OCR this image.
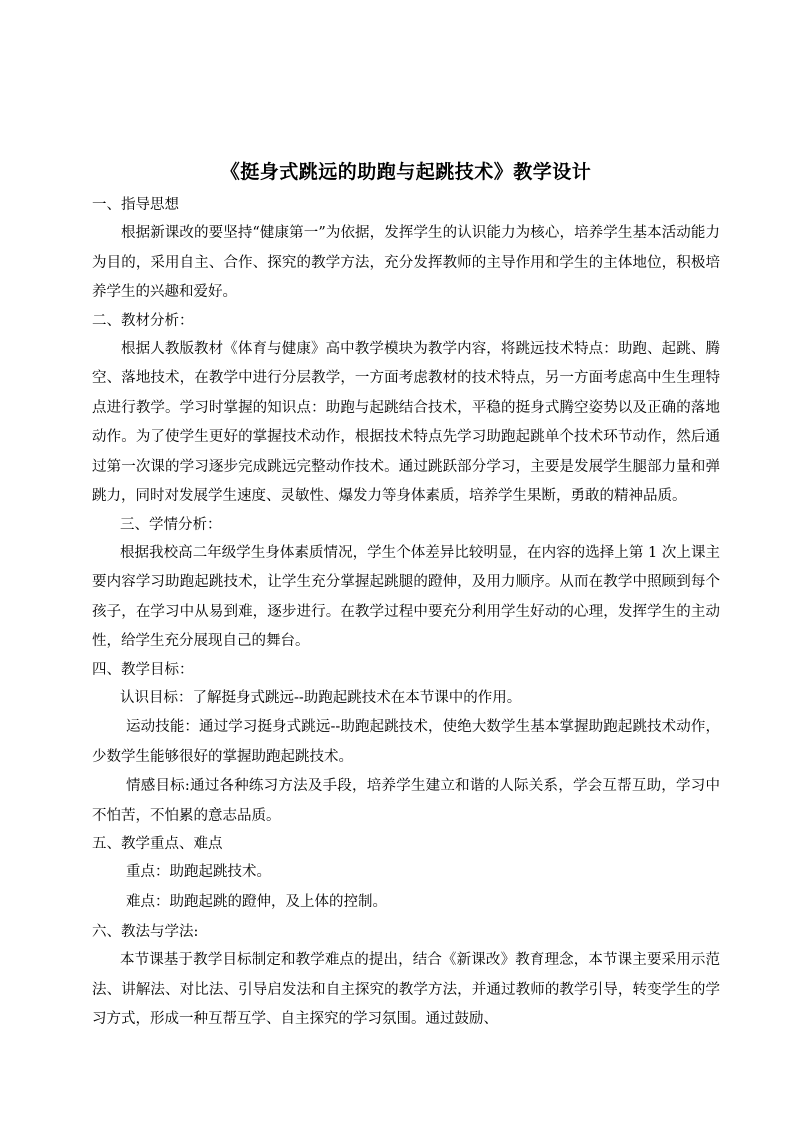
《挺身式跳远的助跑与起跳技术》教学设计

一、指导思想

根据新课改的要坚持“健康第一”为依据，发挥学生的认识能力为核心，培养学生基本活动能力为目的，采用自主、合作、探究的教学方法，充分发挥教师的主导作用和学生的主体地位，积极培养学生的兴趣和爱好。

二、教材分析：

根据人教版教材《体育与健康》高中教学模块为教学内容，将跳远技术特点：助跑、起跳、腾空、落地技术，在教学中进行分层教学，一方面考虑教材的技术特点，另一方面考虑高中生生理特点进行教学。学习时掌握的知识点：助跑与起跳结合技术，平稳的挺身式腾空姿势以及正确的落地动作。为了使学生更好的掌握技术动作，根据技术特点先学习助跑起跳单个技术环节动作，然后通过第一次课的学习逐步完成跳远完整动作技术。通过跳跃部分学习，主要是发展学生腿部力量和弹跳力，同时对发展学生速度、灵敏性、爆发力等身体素质，培养学生果断，勇敢的精神品质。

三、学情分析：

根据我校高二年级学生身体素质情况，学生个体差异比较明显，在内容的选择上第 1 次上课主要内容学习助跑起跳技术，让学生充分掌握起跳腿的蹬伸，及用力顺序。从而在教学中照顾到每个孩子，在学习中从易到难，逐步进行。在教学过程中要充分利用学生好动的心理，发挥学生的主动性，给学生充分展现自己的舞台。

四、教学目标：

认识目标：了解挺身式跳远--助跑起跳技术在本节课中的作用。

运动技能：通过学习挺身式跳远--助跑起跳技术，使绝大数学生基本掌握助跑起跳技术动作，少数学生能够很好的掌握助跑起跳技术。

情感目标:通过各种练习方法及手段，培养学生建立和谐的人际关系，学会互帮互助，学习中不怕苦，不怕累的意志品质。

五、教学重点、难点

重点：助跑起跳技术。

难点：助跑起跳的蹬伸，及上体的控制。

六、教法与学法:

本节课基于教学目标制定和教学难点的提出，结合《新课改》教育理念，本节课主要采用示范法、讲解法、对比法、引导启发法和自主探究的教学方法，并通过教师的教学引导，转变学生的学习方式，形成一种互帮互学、自主探究的学习氛围。通过鼓励、
